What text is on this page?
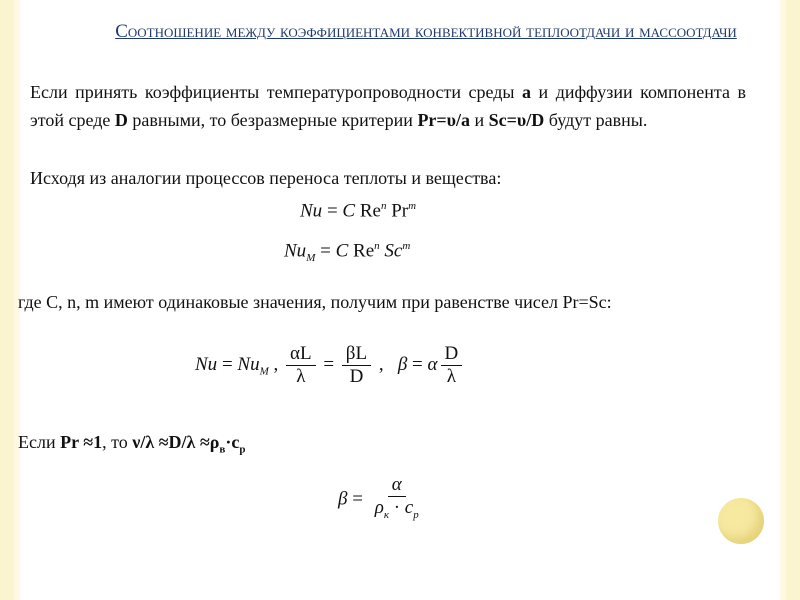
Соотношение между коэффициентами конвективной теплоотдачи и массоотдачи
Если принять коэффициенты температуропроводности среды a и диффузии компонента в этой среде D равными, то безразмерные критерии Pr=υ/a и Sc=υ/D будут равны.
Исходя из аналогии процессов переноса теплоты и вещества:
Nu = C Re$^n$ Pr$^m$
$Nu_M = C$ Re$^n$ Sc$^m$
где С, n, m имеют одинаковые значения, получим при равенстве чисел Pr=Sc:
$Nu = Nu_M$ , $\frac{\alpha L}{\lambda} = \frac{\beta L}{D}$ , β = α $\frac{D}{\lambda}$
Если Pr ≈1, то $\nu/\lambda \approx D/\lambda \approx\rho_в\cdot c_p$
$\beta = \frac{\alpha}{\rho_к \cdot c_p}$
